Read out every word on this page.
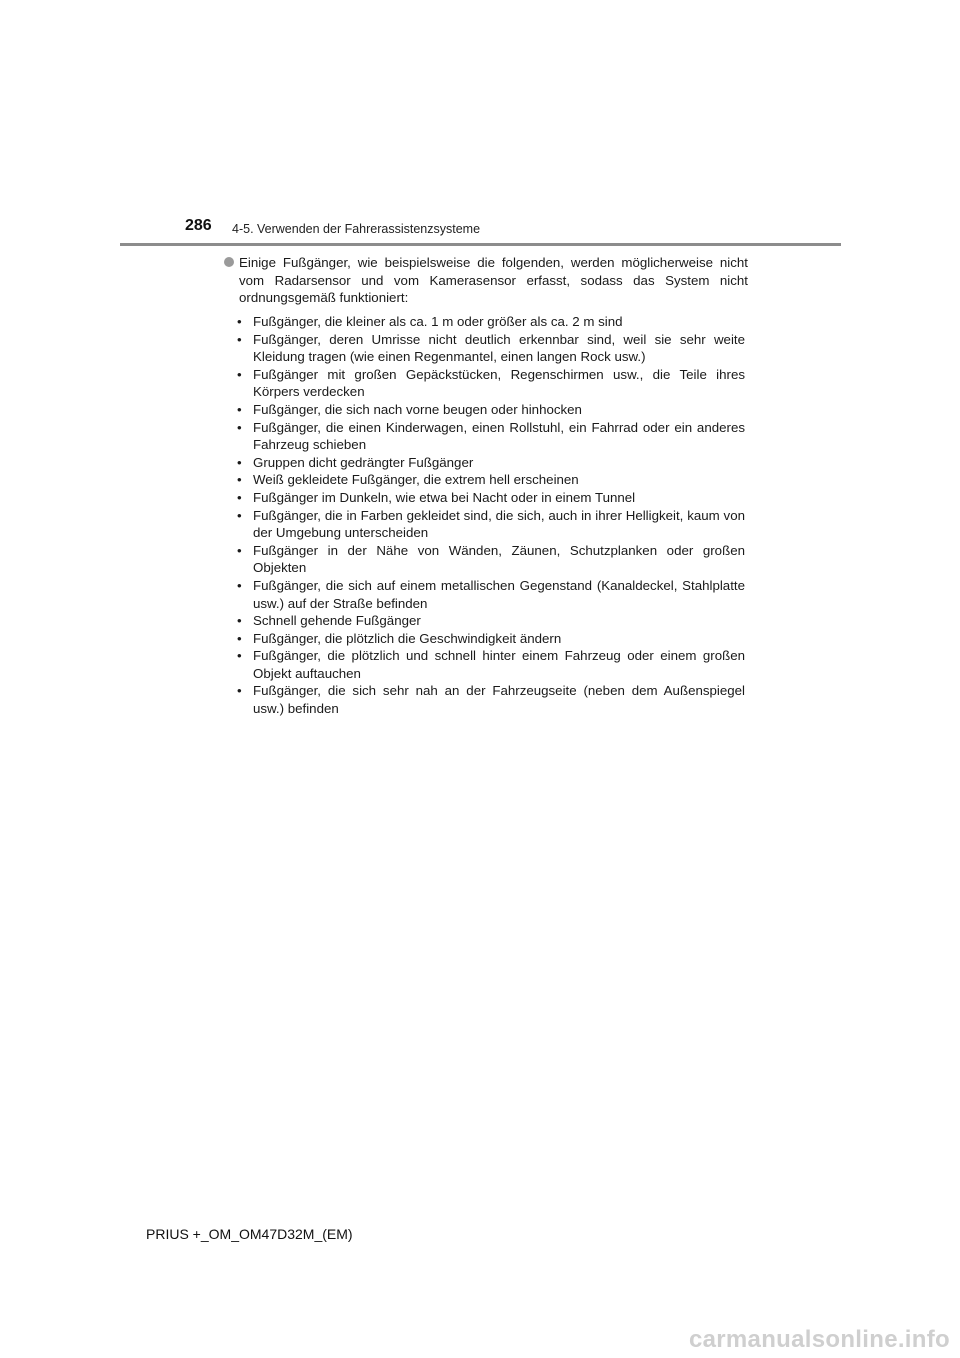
286 4-5. Verwenden der Fahrerassistenzsysteme
Einige Fußgänger, wie beispielsweise die folgenden, werden möglicherweise nicht vom Radarsensor und vom Kamerasensor erfasst, sodass das System nicht ordnungsgemäß funktioniert:
• Fußgänger, die kleiner als ca. 1 m oder größer als ca. 2 m sind
• Fußgänger, deren Umrisse nicht deutlich erkennbar sind, weil sie sehr weite Kleidung tragen (wie einen Regenmantel, einen langen Rock usw.)
• Fußgänger mit großen Gepäckstücken, Regenschirmen usw., die Teile ihres Körpers verdecken
• Fußgänger, die sich nach vorne beugen oder hinhocken
• Fußgänger, die einen Kinderwagen, einen Rollstuhl, ein Fahrrad oder ein anderes Fahrzeug schieben
• Gruppen dicht gedrängter Fußgänger
• Weiß gekleidete Fußgänger, die extrem hell erscheinen
• Fußgänger im Dunkeln, wie etwa bei Nacht oder in einem Tunnel
• Fußgänger, die in Farben gekleidet sind, die sich, auch in ihrer Helligkeit, kaum von der Umgebung unterscheiden
• Fußgänger in der Nähe von Wänden, Zäunen, Schutzplanken oder großen Objekten
• Fußgänger, die sich auf einem metallischen Gegenstand (Kanaldeckel, Stahlplatte usw.) auf der Straße befinden
• Schnell gehende Fußgänger
• Fußgänger, die plötzlich die Geschwindigkeit ändern
• Fußgänger, die plötzlich und schnell hinter einem Fahrzeug oder einem großen Objekt auftauchen
• Fußgänger, die sich sehr nah an der Fahrzeugseite (neben dem Außenspiegel usw.) befinden
PRIUS +_OM_OM47D32M_(EM)
carmanualsonline.info
